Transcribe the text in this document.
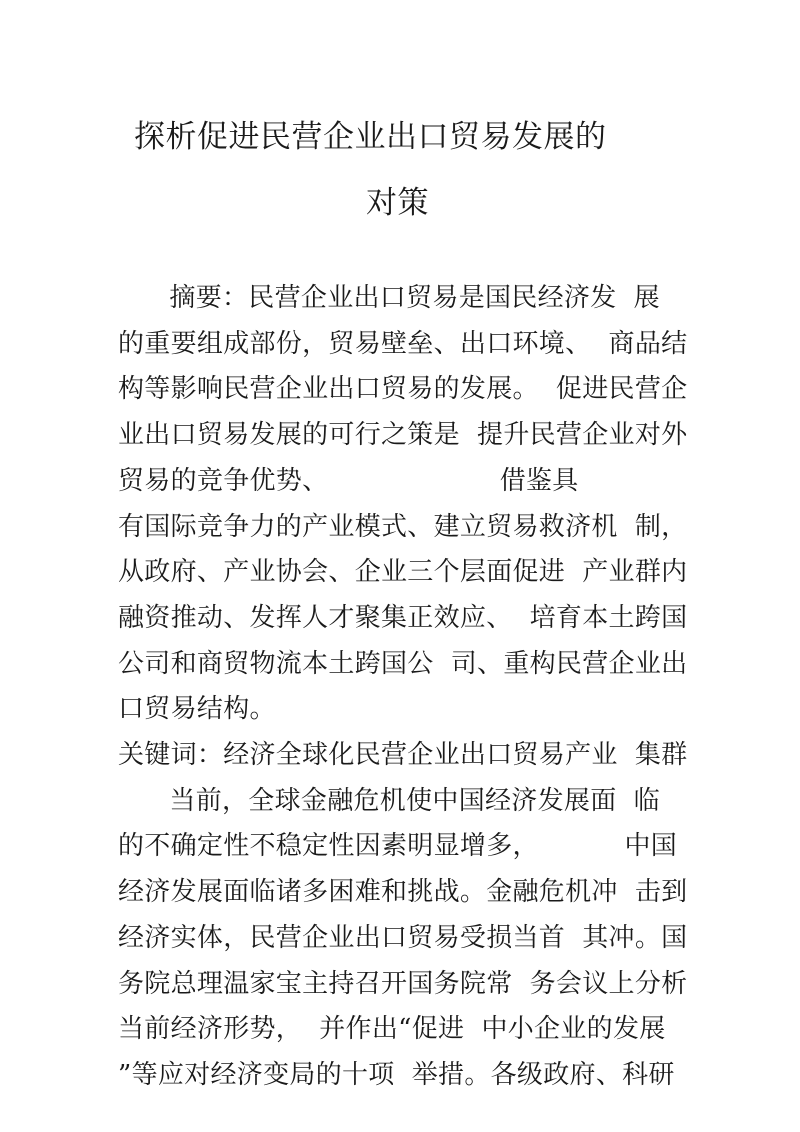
探析促进民营企业出口贸易发展的
对策
摘要：民营企业出口贸易是国民经济发  展
的重要组成部份，贸易壁垒、出口环境、  商品结
构等影响民营企业出口贸易的发展。  促进民营企
业出口贸易发展的可行之策是  提升民营企业对外
贸易的竞争优势、                    借鉴具
有国际竞争力的产业模式、建立贸易救济机  制，
从政府、产业协会、企业三个层面促进  产业群内
融资推动、发挥人才聚集正效应、  培育本土跨国
公司和商贸物流本土跨国公  司、重构民营企业出
口贸易结构。
关键词：经济全球化民营企业出口贸易产业  集群
当前，全球金融危机使中国经济发展面  临
的不确定性不稳定性因素明显增多，          中国
经济发展面临诸多困难和挑战。金融危机冲  击到
经济实体，民营企业出口贸易受损当首  其冲。国
务院总理温家宝主持召开国务院常  务会议上分析
当前经济形势，  并作出“促进  中小企业的发展
”等应对经济变局的十项  举措。各级政府、科研
